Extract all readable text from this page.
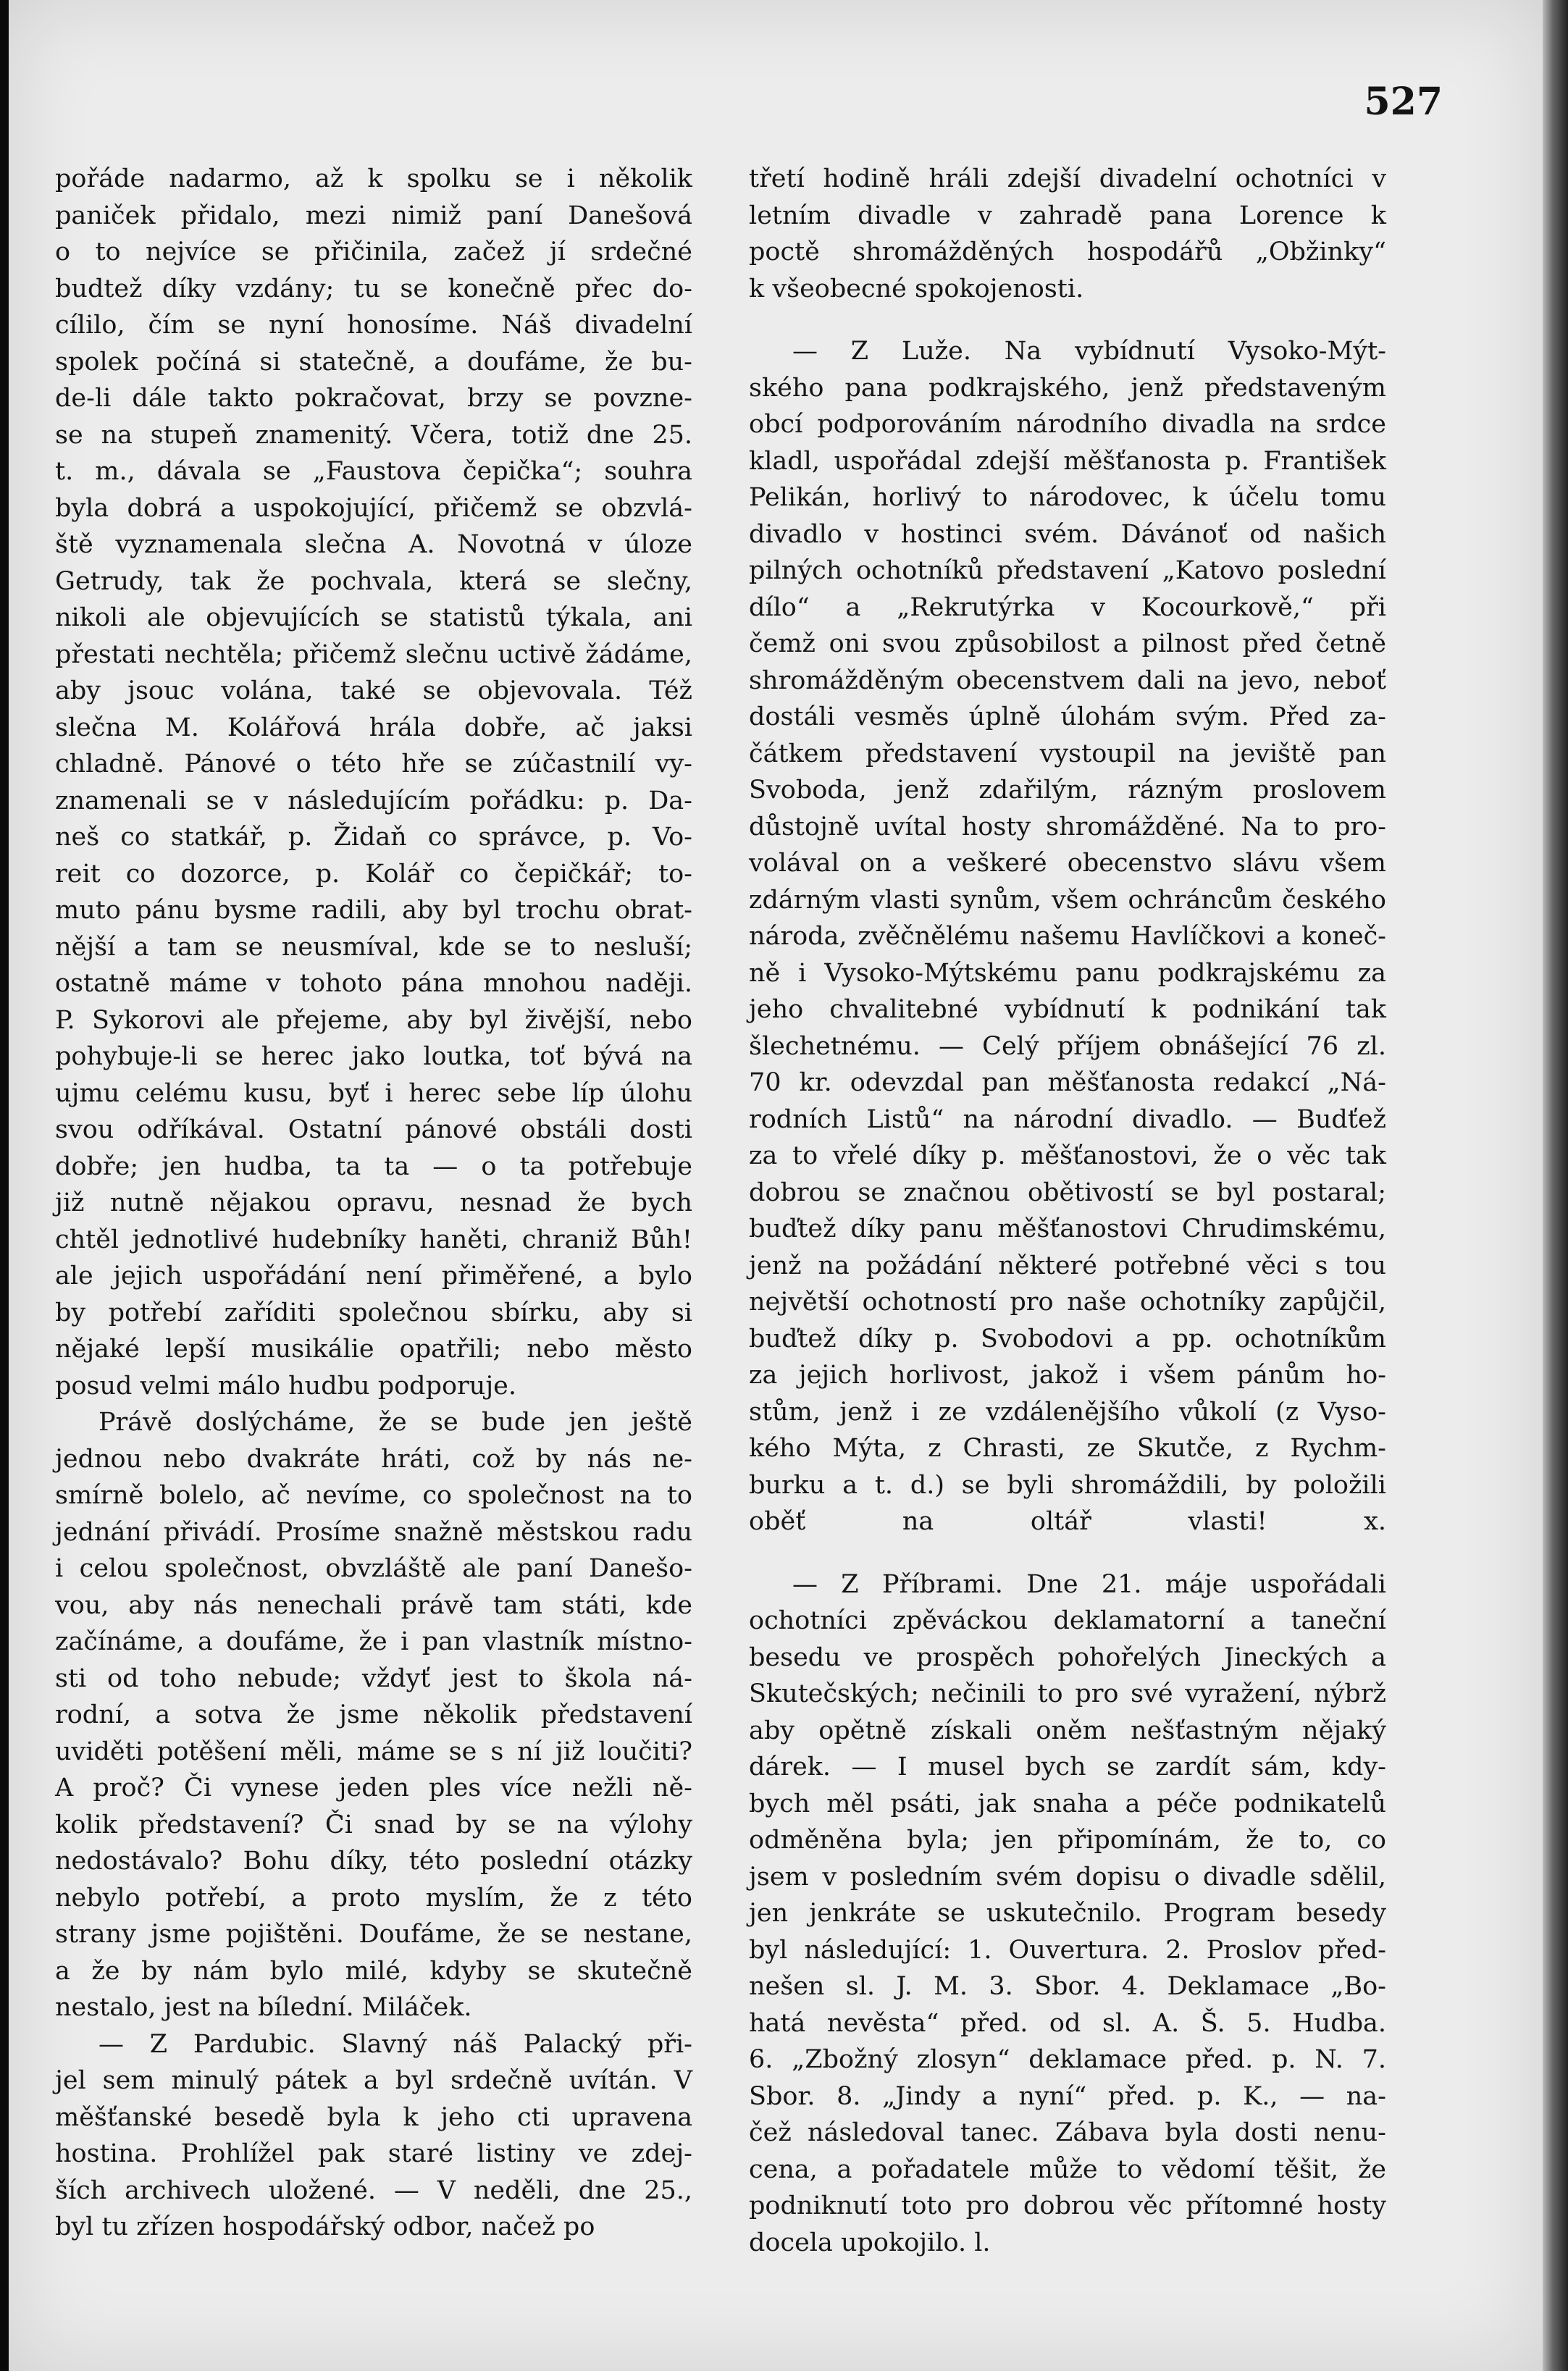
527
pořáde nadarmo, až k spolku se i několik
paniček přidalo, mezi nimiž paní Danešová
o to nejvíce se přičinila, začež jí srdečné
budtež díky vzdány; tu se konečně přec do-
cílilo, čím se nyní honosíme. Náš divadelní
spolek počíná si statečně, a doufáme, že bu-
de-li dále takto pokračovat, brzy se povzne-
se na stupeň znamenitý. Včera, totiž dne 25.
t. m., dávala se „Faustova čepička“; souhra
byla dobrá a uspokojující, přičemž se obzvlá-
ště vyznamenala slečna A. Novotná v úloze
Getrudy, tak že pochvala, která se slečny,
nikoli ale objevujících se statistů týkala, ani
přestati nechtěla; přičemž slečnu uctivě žádáme,
aby jsouc volána, také se objevovala. Též
slečna M. Kolářová hrála dobře, ač jaksi
chladně. Pánové o této hře se zúčastnilí vy-
znamenali se v následujícím pořádku: p. Da-
neš co statkář, p. Židaň co správce, p. Vo-
reit co dozorce, p. Kolář co čepičkář; to-
muto pánu bysme radili, aby byl trochu obrat-
nější a tam se neusmíval, kde se to nesluší;
ostatně máme v tohoto pána mnohou naději.
P. Sykorovi ale přejeme, aby byl živější, nebo
pohybuje-li se herec jako loutka, toť bývá na
ujmu celému kusu, byť i herec sebe líp úlohu
svou odříkával. Ostatní pánové obstáli dosti
dobře; jen hudba, ta ta — o ta potřebuje
již nutně nějakou opravu, nesnad že bych
chtěl jednotlivé hudebníky haněti, chraniž Bůh!
ale jejich uspořádání není přiměřené, a bylo
by potřebí zaříditi společnou sbírku, aby si
nějaké lepší musikálie opatřili; nebo město
posud velmi málo hudbu podporuje.
Právě doslýcháme, že se bude jen ještě
jednou nebo dvakráte hráti, což by nás ne-
smírně bolelo, ač nevíme, co společnost na to
jednání přivádí. Prosíme snažně městskou radu
i celou společnost, obvzláště ale paní Danešo-
vou, aby nás nenechali právě tam státi, kde
začínáme, a doufáme, že i pan vlastník místno-
sti od toho nebude; vždyť jest to škola ná-
rodní, a sotva že jsme několik představení
uviděti potěšení měli, máme se s ní již loučiti?
A proč? Či vynese jeden ples více nežli ně-
kolik představení? Či snad by se na výlohy
nedostávalo? Bohu díky, této poslední otázky
nebylo potřebí, a proto myslím, že z této
strany jsme pojištěni. Doufáme, že se nestane,
a že by nám bylo milé, kdyby se skutečně
nestalo, jest na bílední. Miláček.
— Z Pardubic. Slavný náš Palacký při-
jel sem minulý pátek a byl srdečně uvítán. V
měšťanské besedě byla k jeho cti upravena
hostina. Prohlížel pak staré listiny ve zdej-
ších archivech uložené. — V neděli, dne 25.,
byl tu zřízen hospodářský odbor, načež po
třetí hodině hráli zdejší divadelní ochotníci v
letním divadle v zahradě pana Lorence k
poctě shromážděných hospodářů „Obžinky“
k všeobecné spokojenosti.
— Z Luže. Na vybídnutí Vysoko-Mýt-
ského pana podkrajského, jenž představeným
obcí podporováním národního divadla na srdce
kladl, uspořádal zdejší měšťanosta p. František
Pelikán, horlivý to národovec, k účelu tomu
divadlo v hostinci svém. Dávánoť od našich
pilných ochotníků představení „Katovo poslední
dílo“ a „Rekrutýrka v Kocourkově,“ při
čemž oni svou způsobilost a pilnost před četně
shromážděným obecenstvem dali na jevo, neboť
dostáli vesměs úplně úlohám svým. Před za-
čátkem představení vystoupil na jeviště pan
Svoboda, jenž zdařilým, rázným proslovem
důstojně uvítal hosty shromážděné. Na to pro-
volával on a veškeré obecenstvo slávu všem
zdárným vlasti synům, všem ochráncům českého
národa, zvěčnělému našemu Havlíčkovi a koneč-
ně i Vysoko-Mýtskému panu podkrajskému za
jeho chvalitebné vybídnutí k podnikání tak
šlechetnému. — Celý příjem obnášející 76 zl.
70 kr. odevzdal pan měšťanosta redakcí „Ná-
rodních Listů“ na národní divadlo. — Budťež
za to vřelé díky p. měšťanostovi, že o věc tak
dobrou se značnou obětivostí se byl postaral;
buďtež díky panu měšťanostovi Chrudimskému,
jenž na požádání některé potřebné věci s tou
největší ochotností pro naše ochotníky zapůjčil,
buďtež díky p. Svobodovi a pp. ochotníkům
za jejich horlivost, jakož i všem pánům ho-
stům, jenž i ze vzdálenějšího vůkolí (z Vyso-
kého Mýta, z Chrasti, ze Skutče, z Rychm-
burku a t. d.) se byli shromáždili, by položili
oběť na oltář vlasti! x.
— Z Příbrami. Dne 21. máje uspořádali
ochotníci zpěváckou deklamatorní a taneční
besedu ve prospěch pohořelých Jineckých a
Skutečských; nečinili to pro své vyražení, nýbrž
aby opětně získali oněm nešťastným nějaký
dárek. — I musel bych se zardít sám, kdy-
bych měl psáti, jak snaha a péče podnikatelů
odměněna byla; jen připomínám, že to, co
jsem v posledním svém dopisu o divadle sdělil,
jen jenkráte se uskutečnilo. Program besedy
byl následující: 1. Ouvertura. 2. Proslov před-
nešen sl. J. M. 3. Sbor. 4. Deklamace „Bo-
hatá nevěsta“ před. od sl. A. Š. 5. Hudba.
6. „Zbožný zlosyn“ deklamace před. p. N. 7.
Sbor. 8. „Jindy a nyní“ před. p. K., — na-
čež následoval tanec. Zábava byla dosti nenu-
cena, a pořadatele může to vědomí těšit, že
podniknutí toto pro dobrou věc přítomné hosty
docela upokojilo. l.
